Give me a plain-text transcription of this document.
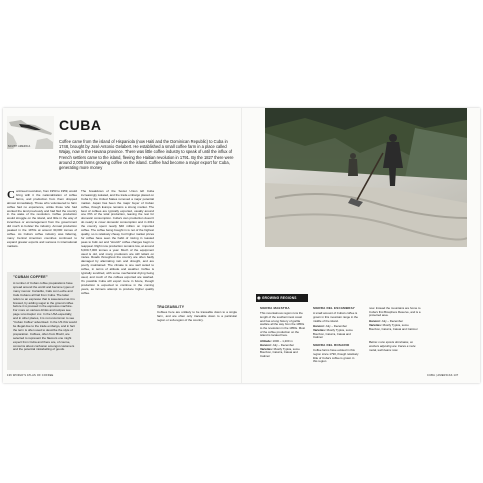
SOUTH AMERICA
CUBA

Coffee came from the island of Hispaniola (now Haiti and the Dominican Republic) to Cuba in 1748, brought by José Antonio Gelabert. He established a small coffee farm in a place called Wajay, now in the Havana province. There was little coffee industry to speak of until the influx of French settlers came to the island, fleeing the Haitian revolution in 1791. By the 1827 there were around 2,000 farms growing coffee on the island. Coffee had become a major export for Cuba, generating more money

Continued revolution, from 1953 to 1959, would bring with it the nationalization of coffee farms, and production from them dropped almost immediately. Those who volunteered to farm coffee had no experience, unlike those who had worked the land previously and had fled the country in the wake of the revolution. Coffee production would struggle on the island, and little in the way of incentives or encouragement from the government did much to bolster the industry. Annual production peaked in the 1970s at around 30,000 tonnes of coffee. As Cuba's coffee industry was faltering, many Central American countries continued to expand greater exports and success in international markets.

"CUBAN COFFEE"

A number of Cuban coffee preparations have spread around the world and become types of many menus: Cortadito, Cafe con Leche and Cafe Cubano all hail from Cuba. The latter refers to an espresso that is sweetened as it is brewed, by adding sugar to the ground coffee before it is pressed in the espresso machine. For more on various drinks and recipes see page xxxx-baptor xxx. In the USA especially, and in other places, it is not uncommon to see "Cuban Coffee" advertised. In the US this would be illegal due to the trade embargo, and in fact the term is often used to describe the style of preparation. Coffees, often from Brazil, are selected to represent the flavours one might expect from Cuba and there are, of course, concerns about confusion amongst customers and the potential mislabelling of goods.

The breakdown of the Soviet Union left Cuba increasingly isolated, and the trade embargo placed on Cuba by the United States removed a major potential market. Japan has been the major buyer of Cuban coffee, though Europe remains a strong market. The best of coffees are typically exported, usually around one fifth of the total production, leaving the rest for domestic consumption. Cuba's own production doesn't do nearly to cover domestic consumption and in 2011 the country spent nearly $40 million on imported coffee. The coffee being bought in is not of the highest quality, so is relatively cheap, but higher market prices for coffee have seen the habit of mixing in roasted peas to bulk out and "stretch" coffee charges begin to reappear. Right now production remains low, at around 6,000-7,000 tonnes a year. Much of the equipment used is old, and many producers are still reliant on mules. Roads throughout the country are often badly damaged by alternating rain and drought, and are poorly maintained. The climate is one well suited to coffee, in terms of altitude and weather. Coffee is typically sundried, with some mechanical drying being used, and much of the coffees exported are washed. It's possible Cuba will export more in future, though production is expected to continue in the coming years, as farmers attempt to produce higher quality coffee.

TRACEABILITY
Coffees here are unlikely to be traceable down to a single farm, and are often only traceable down to a particular region or sub-region of the country.

136 WORLD'S ATLAS OF COFFEE
◉GROWING REGIONS
SIERRA MAESTRA

This mountainous region runs the length of the southernmost coast and has a long history of gorilla warfare all the way from the 1950s to the revolution in the 1950s. Most of the coffee production on the island is located here.

Altitude: 1000 – 1,200 m

Harvest: July – December

Varieties: Mostly Typica, some Bourbon, Caturra, Catuai and Catimor

SIERRA DEL ESCAMBRAY

A small amount of Cuba's coffee is grown in this mountain range in the middle of the island.

Harvest: July – December

Varieties: Mostly Typica, some Bourbon, Caturra, Catuai and Catimor

SIERRA DEL ROSARIO

Coffee farms have existed in this region since 1790, though relatively little of Cuba's coffee is grown in this region

now. Instead the mountains are home to Cuba's first Biosphere Reserve, and is a protected area.

Harvest: July – December

Varieties: Mostly Typica, some Bourbon, Caturra, Catuai and Catimor

Below: Lone spouts dominates, so workers adjusting are. Faces a mule metal, well beans now.

CUBA | AMERICAS 137
